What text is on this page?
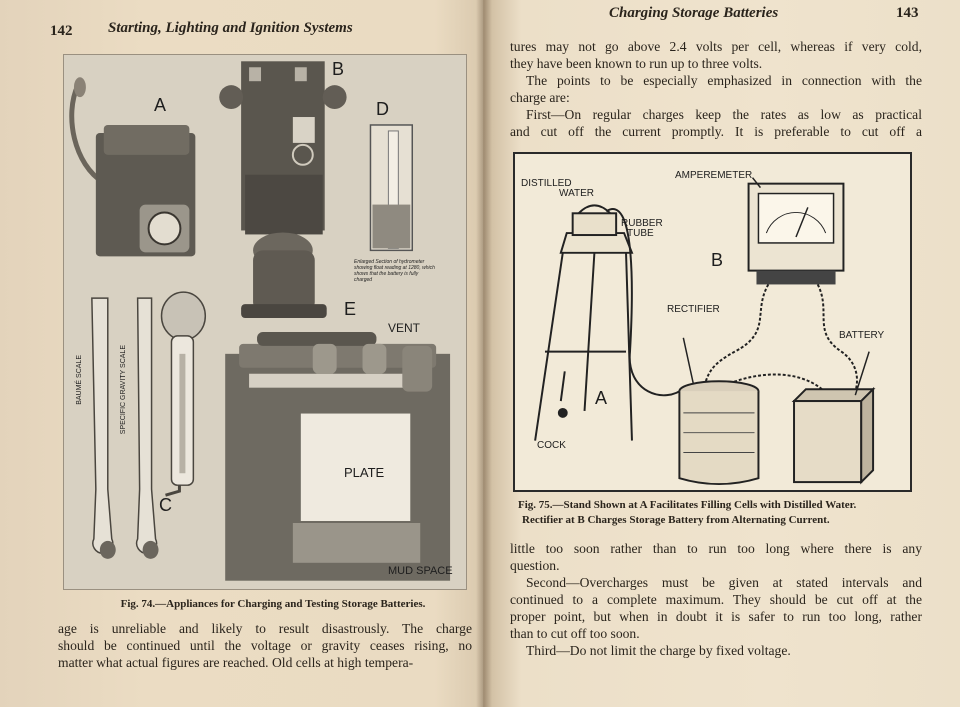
142 Starting, Lighting and Ignition Systems
A
B
C
D
E
VENT
PLATE
MUD SPACE
BAUMÉ SCALE	SPECIFIC GRAVITY SCALE
Enlarged Section of hydrometer showing float reading at 1280, which shows that the battery is fully charged
Fig. 74.—Appliances for Charging and Testing Storage Batteries.
age is unreliable and likely to result disastrously. The charge
should be continued until the voltage or gravity ceases rising, no
matter what actual figures are reached. Old cells at high tempera-
Charging Storage Batteries	143
tures may not go above 2.4 volts per cell, whereas if very cold,
they have been known to run up to three volts.
The points to be especially emphasized in connection with the
charge are:
First—On regular charges keep the rates as low as practical
and cut off the current promptly. It is preferable to cut off a
DISTILLED
WATER
RUBBER
TUBE
AMPEREMETER
B
RECTIFIER
BATTERY
A
COCK
Fig. 75.—Stand Shown at A Facilitates Filling Cells with Distilled Water.
Rectifier at B Charges Storage Battery from Alternating Current.
little too soon rather than to run too long where there is any
question.
Second—Overcharges must be given at stated intervals and
continued to a complete maximum. They should be cut off at the
proper point, but when in doubt it is safer to run too long, rather
than to cut off too soon.
Third—Do not limit the charge by fixed voltage.
